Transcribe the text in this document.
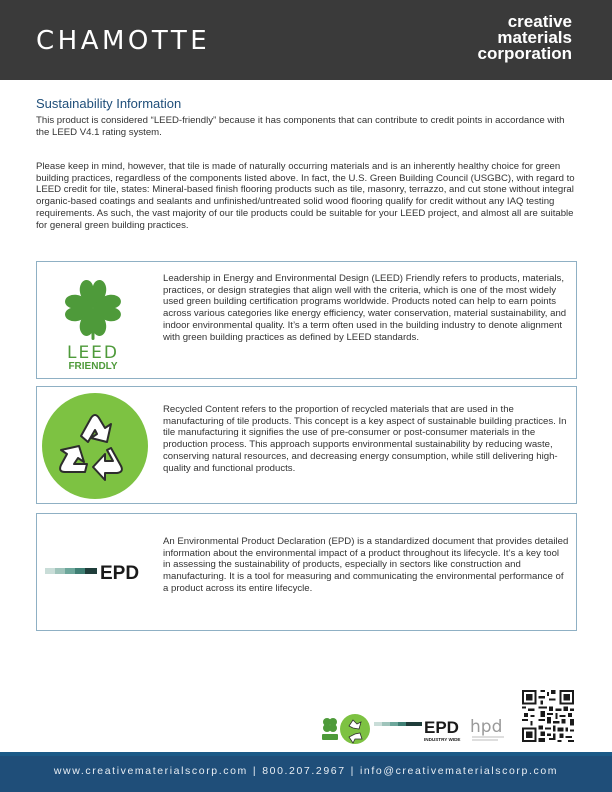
CHAMOTTE
creative
materials
corporation
Sustainability Information

This product is considered “LEED-friendly” because it has components that can contribute to credit points in accordance with the LEED V4.1 rating system.

Please keep in mind, however, that tile is made of naturally occurring materials and is an inherently healthy choice for green building practices, regardless of the components listed above. In fact, the U.S. Green Building Council (USGBC), with regard to LEED credit for tile, states: Mineral-based finish flooring products such as tile, masonry, terrazzo, and cut stone without integral organic-based coatings and sealants and unfinished/untreated solid wood flooring qualify for credit without any IAQ testing requirements. As such, the vast majority of our tile products could be suitable for your LEED project, and almost all are suitable for general green building practices.

LEED
FRIENDLY

Leadership in Energy and Environmental Design (LEED) Friendly refers to products, materials, practices, or design strategies that align well with the criteria, which is one of the most widely used green building certification programs worldwide. Products noted can help to earn points across various categories like energy efficiency, water conservation, material sustainability, and indoor environmental quality. It’s a term often used in the building industry to denote alignment with green building practices as defined by LEED standards.

Recycled Content refers to the proportion of recycled materials that are used in the manufacturing of tile products. This concept is a key aspect of sustainable building practices. In tile manufacturing it signifies the use of pre-consumer or post-consumer materials in the production process. This approach supports environmental sustainability by reducing waste, conserving natural resources, and decreasing energy consumption, while still delivering high-quality and functional products.

EPD

An Environmental Product Declaration (EPD) is a standardized document that provides detailed information about the environmental impact of a product throughout its lifecycle. It’s a key tool in assessing the sustainability of products, especially in sectors like construction and manufacturing. It is a tool for measuring and communicating the environmental performance of a product across its entire lifecycle.

EPD
INDUSTRY WIDE
hpd
www.creativematerialscorp.com | 800.207.2967 | info@creativematerialscorp.com
